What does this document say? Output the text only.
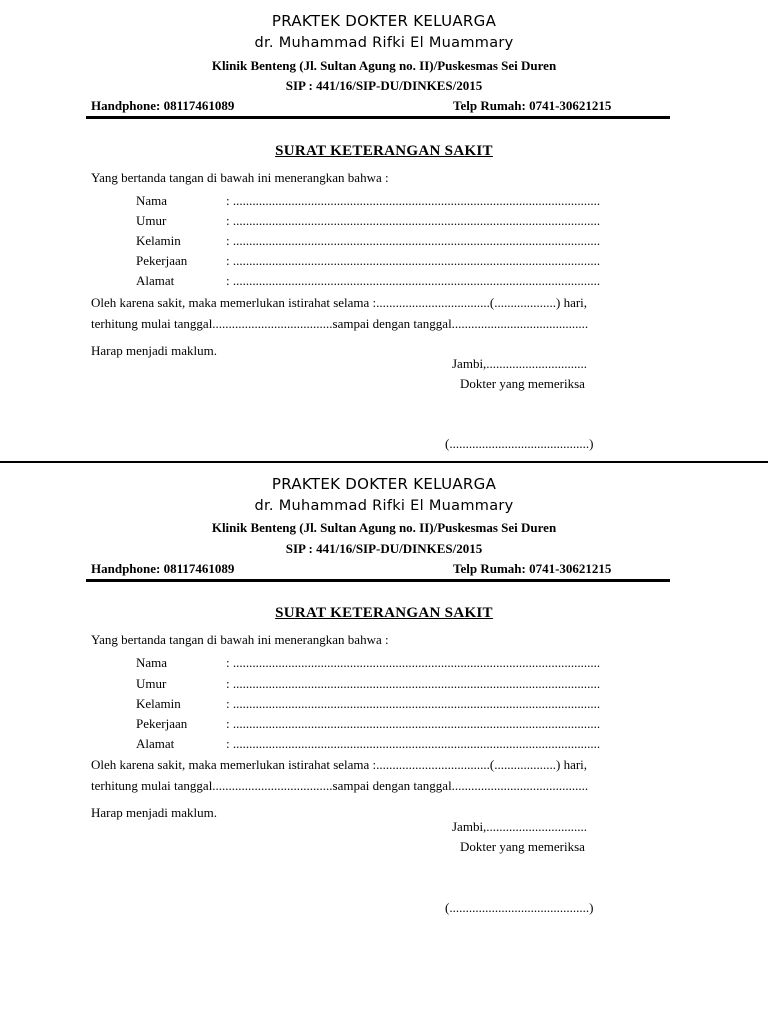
PRAKTEK DOKTER KELUARGA
dr. Muhammad Rifki El Muammary
Klinik Benteng (Jl. Sultan Agung no. II)/Puskesmas Sei Duren
SIP : 441/16/SIP-DU/DINKES/2015
Handphone: 08117461089	Telp Rumah: 0741-30621215
SURAT KETERANGAN SAKIT
Yang bertanda tangan di bawah ini menerangkan bahwa :
Nama	: .................................................................................................................
Umur	: .................................................................................................................
Kelamin	: .................................................................................................................
Pekerjaan	: .................................................................................................................
Alamat	: .................................................................................................................
Oleh karena sakit, maka memerlukan istirahat selama :...................................(...................) hari,
terhitung mulai tanggal.....................................sampai dengan tanggal..........................................
Harap menjadi maklum.
Jambi,...............................
Dokter yang memeriksa
(...........................................)
PRAKTEK DOKTER KELUARGA
dr. Muhammad Rifki El Muammary
Klinik Benteng (Jl. Sultan Agung no. II)/Puskesmas Sei Duren
SIP : 441/16/SIP-DU/DINKES/2015
Handphone: 08117461089	Telp Rumah: 0741-30621215
SURAT KETERANGAN SAKIT
Yang bertanda tangan di bawah ini menerangkan bahwa :
Nama	: .................................................................................................................
Umur	: .................................................................................................................
Kelamin	: .................................................................................................................
Pekerjaan	: .................................................................................................................
Alamat	: .................................................................................................................
Oleh karena sakit, maka memerlukan istirahat selama :...................................(...................) hari,
terhitung mulai tanggal.....................................sampai dengan tanggal..........................................
Harap menjadi maklum.
Jambi,...............................
Dokter yang memeriksa
(...........................................)
